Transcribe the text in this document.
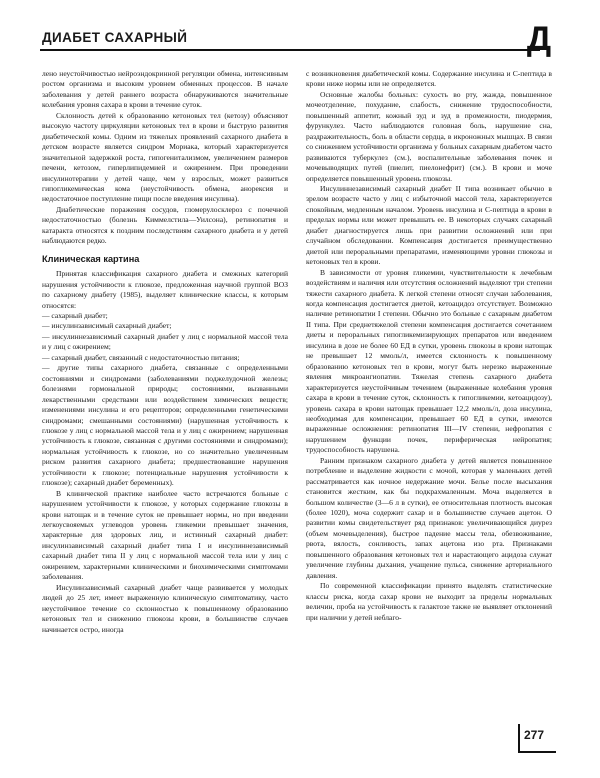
ДИАБЕТ САХАРНЫЙ	Д

лено неустойчивостью нейроэндокринной регуляции обмена, интенсивным ростом организма и высоким уровнем обменных процессов. В начале заболевания у детей раннего возраста обнаруживаются значительные колебания уровня сахара в крови в течение суток.

Склонность детей к образованию кетоновых тел (кетозу) объясняют высокую частоту циркуляции кетоновых тел в крови и быструю развития диабетической комы. Одним из тяжелых проявлений сахарного диабета в детском возрасте является синдром Мориака, который характеризуется значительной задержкой роста, гипогенитализмом, увеличением размеров печени, кетозом, гиперлипидемией и ожирением. При проведении инсулинотерапии у детей чаще, чем у взрослых, может развиться гипогликемическая кома (неустойчивость обмена, анорексия и недостаточное поступление пищи после введения инсулина).

Диабетические поражения сосудов, гломерулосклероз с почечной недостаточностью (болезнь Киммелстила—Уилсона), ретинопатия и катаракта относятся к поздним последствиям сахарного диабета и у детей наблюдаются редко.

Клиническая картина

Принятая классификация сахарного диабета и смежных категорий нарушения устойчивости к глюкозе, предложенная научной группой ВОЗ по сахарному диабету (1985), выделяет клинические классы, к которым относятся:

— сахарный диабет;

— инсулинзависимый сахарный диабет;

— инсулиннезависимый сахарный диабет у лиц с нормальной массой тела и у лиц с ожирением;

— сахарный диабет, связанный с недостаточностью питания;

— другие типы сахарного диабета, связанные с определенными состояниями и синдромами (заболеваниями поджелудочной железы; болезнями гормональной природы; состояниями, вызванными лекарственными средствами или воздействием химических веществ; изменениями инсулина и его рецепторов; определенными генетическими синдромами; смешанными состояниями) (нарушенная устойчивость к глюкозе у лиц с нормальной массой тела и у лиц с ожирением; нарушенная устойчивость к глюкозе, связанная с другими состояниями и синдромами); нормальная устойчивость к глюкозе, но со значительно увеличенным риском развития сахарного диабета; предшествовавшие нарушения устойчивости к глюкозе; потенциальные нарушения устойчивости к глюкозе); сахарный диабет беременных).

В клинической практике наиболее часто встречаются больные с нарушением устойчивости к глюкозе, у которых содержание глюкозы в крови натощак и в течение суток не превышает нормы, но при введении легкоусвояемых углеводов уровень гликемии превышает значения, характерные для здоровых лиц, и истинный сахарный диабет: инсулинзависимый сахарный диабет типа I и инсулиннезависимый сахарный диабет типа II у лиц с нормальной массой тела или у лиц с ожирением, характерными клиническими и биохимическими симптомами заболевания.

Инсулинзависимый сахарный диабет чаще развивается у молодых людей до 25 лет, имеет выраженную клиническую симптоматику, часто неустойчивое течение со склонностью к повышенному образованию кетоновых тел и снижению глюкозы крови, в большинстве случаев начинается остро, иногда

с возникновения диабетической комы. Содержание инсулина и С-пептида в крови ниже нормы или не определяется.

Основные жалобы больных: сухость во рту, жажда, повышенное мочеотделение, похудание, слабость, снижение трудоспособности, повышенный аппетит, кожный зуд и зуд в промежности, пиодермия, фурункулез. Часто наблюдаются головная боль, нарушение сна, раздражительность, боль в области сердца, в икроножных мышцах. В связи со снижением устойчивости организма у больных сахарным диабетом часто развиваются туберкулез (см.), воспалительные заболевания почек и мочевыводящих путей (пиелит, пиелонефрит) (см.). В крови и моче определяется повышенный уровень глюкозы.

Инсулиннезависимый сахарный диабет II типа возникает обычно в зрелом возрасте часто у лиц с избыточной массой тела, характеризуется спокойным, медленным началом. Уровень инсулина и С-пептида в крови в пределах нормы или может превышать ее. В некоторых случаях сахарный диабет диагностируется лишь при развитии осложнений или при случайном обследовании. Компенсация достигается преимущественно диетой или пероральными препаратами, изменяющими уровни глюкозы и кетоновых тел в крови.

В зависимости от уровня гликемии, чувствительности к лечебным воздействиям и наличия или отсутствия осложнений выделяют три степени тяжести сахарного диабета. К легкой степени относят случаи заболевания, когда компенсация достигается диетой, кетоацидоз отсутствует. Возможно наличие ретинопатии I степени. Обычно это больные с сахарным диабетом II типа. При среднетяжелой степени компенсация достигается сочетанием диеты и пероральных гипогликемизирующих препаратов или введением инсулина в дозе не более 60 ЕД в сутки, уровень глюкозы в крови натощак не превышает 12 ммоль/л, имеется склонность к повышенному образованию кетоновых тел в крови, могут быть нерезко выраженные явления микроангиопатии. Тяжелая степень сахарного диабета характеризуется неустойчивым течением (выраженные колебания уровня сахара в крови в течение суток, склонность к гипогликемии, кетоацидозу), уровень сахара в крови натощак превышает 12,2 ммоль/л, доза инсулина, необходимая для компенсации, превышает 60 ЕД в сутки, имеются выраженные осложнения: ретинопатия III—IV степени, нефропатия с нарушением функции почек, периферическая нейропатия; трудоспособность нарушена.

Ранним признаком сахарного диабета у детей является повышенное потребление и выделение жидкости с мочой, которая у маленьких детей рассматривается как ночное недержание мочи. Белье после высыхания становится жестким, как бы подкрахмаленным. Моча выделяется в большом количестве (3—6 л в сутки), ее относительная плотность высокая (более 1020), моча содержит сахар и в большинстве случаев ацетон. О развитии комы свидетельствует ряд признаков: увеличивающийся диурез (объем мочевыделения), быстрое падение массы тела, обезвоживание, рвота, вялость, сонливость, запах ацетона изо рта. Признаками повышенного образования кетоновых тел и нарастающего ацидоза служат увеличение глубины дыхания, учащение пульса, снижение артериального давления.

По современной классификации принято выделять статистические классы риска, когда сахар крови не выходит за пределы нормальных величин, проба на устойчивость к галактозе также не выявляет отклонений при наличии у детей неблаго-

277
